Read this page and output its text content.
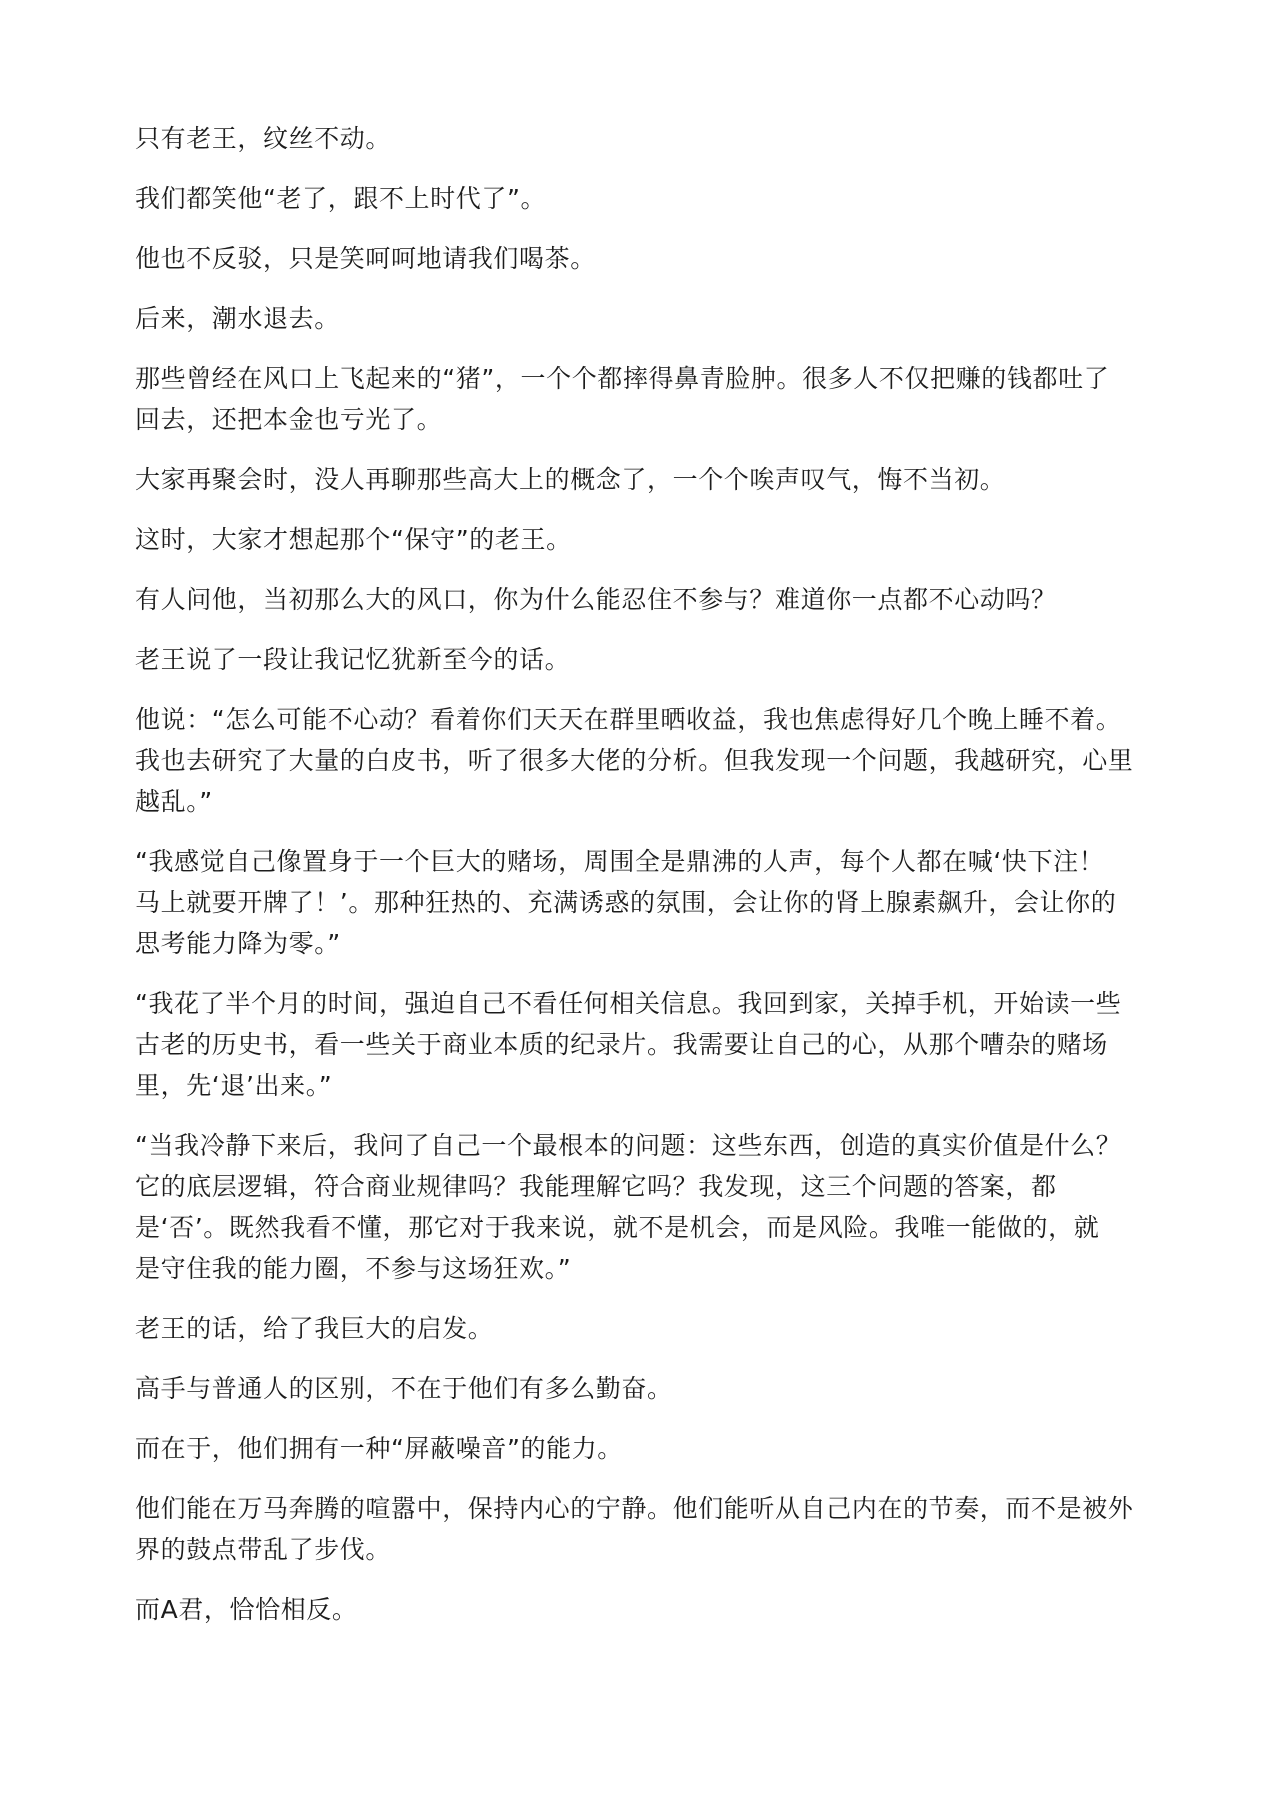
只有老王，纹丝不动。

我们都笑他“老了，跟不上时代了”。

他也不反驳，只是笑呵呵地请我们喝茶。

后来，潮水退去。

那些曾经在风口上飞起来的“猪”，一个个都摔得鼻青脸肿。很多人不仅把赚的钱都吐了
回去，还把本金也亏光了。

大家再聚会时，没人再聊那些高大上的概念了，一个个唉声叹气，悔不当初。

这时，大家才想起那个“保守”的老王。

有人问他，当初那么大的风口，你为什么能忍住不参与？难道你一点都不心动吗？

老王说了一段让我记忆犹新至今的话。

他说：“怎么可能不心动？看着你们天天在群里晒收益，我也焦虑得好几个晚上睡不着。
我也去研究了大量的白皮书，听了很多大佬的分析。但我发现一个问题，我越研究，心里
越乱。”

“我感觉自己像置身于一个巨大的赌场，周围全是鼎沸的人声，每个人都在喊‘快下注！
马上就要开牌了！’。那种狂热的、充满诱惑的氛围，会让你的肾上腺素飙升，会让你的
思考能力降为零。”

“我花了半个月的时间，强迫自己不看任何相关信息。我回到家，关掉手机，开始读一些
古老的历史书，看一些关于商业本质的纪录片。我需要让自己的心，从那个嘈杂的赌场
里，先‘退’出来。”

“当我冷静下来后，我问了自己一个最根本的问题：这些东西，创造的真实价值是什么？
它的底层逻辑，符合商业规律吗？我能理解它吗？我发现，这三个问题的答案，都
是‘否’。既然我看不懂，那它对于我来说，就不是机会，而是风险。我唯一能做的，就
是守住我的能力圈，不参与这场狂欢。”

老王的话，给了我巨大的启发。

高手与普通人的区别，不在于他们有多么勤奋。

而在于，他们拥有一种“屏蔽噪音”的能力。

他们能在万马奔腾的喧嚣中，保持内心的宁静。他们能听从自己内在的节奏，而不是被外
界的鼓点带乱了步伐。

而A君，恰恰相反。
